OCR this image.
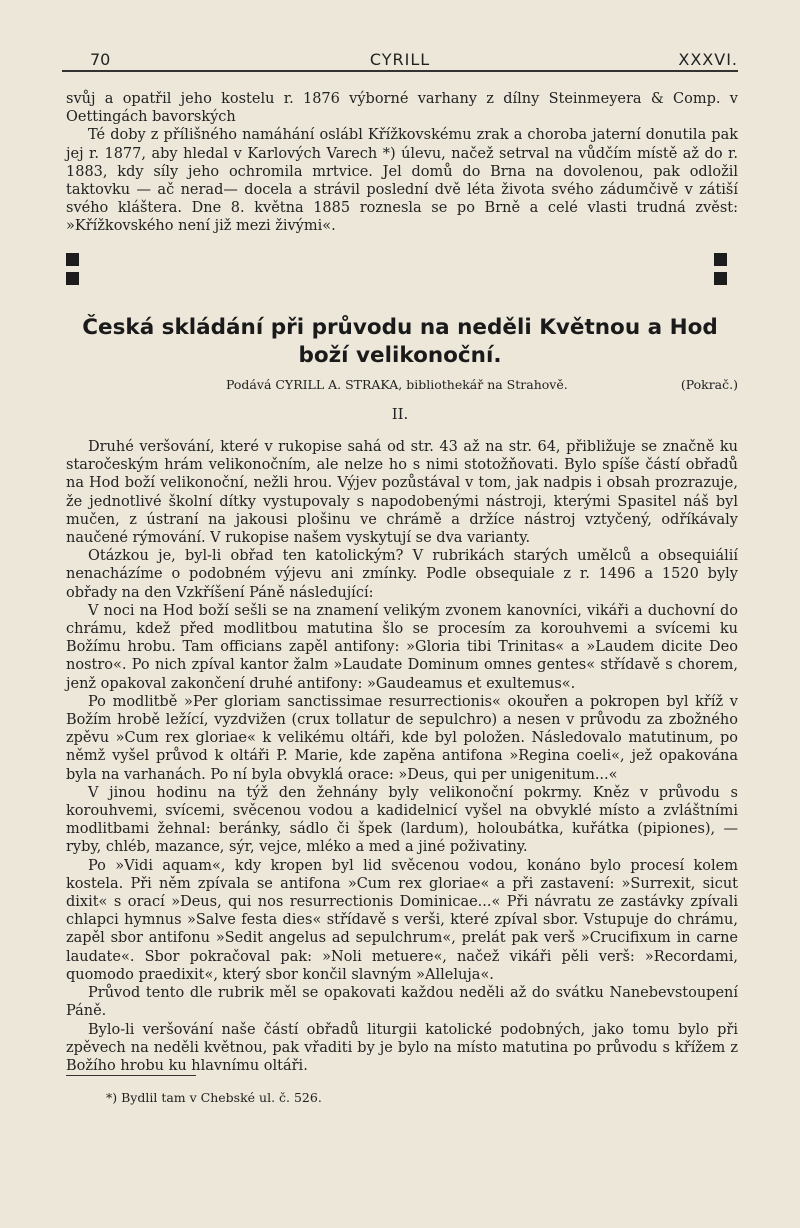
70	CYRILL	XXXVI.

svůj a opatřil jeho kostelu r. 1876 výborné varhany z dílny Steinmeyera & Comp. v Oettingách bavorských

Té doby z přílišného namáhání oslábl Křížkovskému zrak a choroba jaterní donutila pak jej r. 1877, aby hledal v Karlových Varech *) úlevu, načež setrval na vůdčím místě až do r. 1883, kdy síly jeho ochromila mrtvice. Jel domů do Brna na dovolenou, pak odložil taktovku — ač nerad— docela a strávil poslední dvě léta života svého zádumčivě v zátiší svého kláštera. Dne 8. května 1885 roznesla se po Brně a celé vlasti trudná zvěst: »Křížkovského není již mezi živými«.

Česká skládání při průvodu na neděli Květnou a Hod boží velikonoční.
Podává CYRILL A. STRAKA, bibliothekář na Strahově.	(Pokrač.)
II.

Druhé veršování, které v rukopise sahá od str. 43 až na str. 64, přibližuje se značně ku staročeským hrám velikonočním, ale nelze ho s nimi stotožňovati. Bylo spíše částí obřadů na Hod boží velikonoční, nežli hrou. Výjev pozůstával v tom, jak nadpis i obsah prozrazuje, že jednotlivé školní dítky vystupovaly s napodobenými nástroji, kterými Spasitel náš byl mučen, z ústraní na jakousi plošinu ve chrámě a držíce nástroj vztyčený, odříkávaly naučené rýmování. V rukopise našem vyskytují se dva varianty.

Otázkou je, byl-li obřad ten katolickým? V rubrikách starých umělců a obsequiálií nenacházíme o podobném výjevu ani zmínky. Podle obsequiale z r. 1496 a 1520 byly obřady na den Vzkříšení Páně následující:

V noci na Hod boží sešli se na znamení velikým zvonem kanovníci, vikáři a duchovní do chrámu, kdež před modlitbou matutina šlo se procesím za korouhvemi a svícemi ku Božímu hrobu. Tam officians zapěl antifony: »Gloria tibi Trinitas« a »Laudem dicite Deo nostro«. Po nich zpíval kantor žalm »Laudate Dominum omnes gentes« střídavě s chorem, jenž opakoval zakončení druhé antifony: »Gaudeamus et exultemus«.

Po modlitbě »Per gloriam sanctissimae resurrectionis« okouřen a pokropen byl kříž v Božím hrobě ležící, vyzdvižen (crux tollatur de sepulchro) a nesen v průvodu za zbožného zpěvu »Cum rex gloriae« k velikému oltáři, kde byl položen. Následovalo matutinum, po němž vyšel průvod k oltáři P. Marie, kde zapěna antifona »Regina coeli«, jež opakována byla na varhanách. Po ní byla obvyklá orace: »Deus, qui per unigenitum...«

V jinou hodinu na týž den žehnány byly velikonoční pokrmy. Kněz v průvodu s korouhvemi, svícemi, svěcenou vodou a kadidelnicí vyšel na obvyklé místo a zvláštními modlitbami žehnal: beránky, sádlo či špek (lardum), holoubátka, kuřátka (pipiones), — ryby, chléb, mazance, sýr, vejce, mléko a med a jiné poživatiny.

Po »Vidi aquam«, kdy kropen byl lid svěcenou vodou, konáno bylo procesí kolem kostela. Při něm zpívala se antifona »Cum rex gloriae« a při zastavení: »Surrexit, sicut dixit« s orací »Deus, qui nos resurrectionis Dominicae...« Při návratu ze zastávky zpívali chlapci hymnus »Salve festa dies« střídavě s verši, které zpíval sbor. Vstupuje do chrámu, zapěl sbor antifonu »Sedit angelus ad sepulchrum«, prelát pak verš »Crucifixum in carne laudate«. Sbor pokračoval pak: »Noli metuere«, načež vikáři pěli verš: »Recordami, quomodo praedixit«, který sbor končil slavným »Alleluja«.

Průvod tento dle rubrik měl se opakovati každou neděli až do svátku Nanebevstoupení Páně.

Bylo-li veršování naše částí obřadů liturgii katolické podobných, jako tomu bylo při zpěvech na neděli květnou, pak vřaditi by je bylo na místo matutina po průvodu s křížem z Božího hrobu ku hlavnímu oltáři.

*) Bydlil tam v Chebské ul. č. 526.
